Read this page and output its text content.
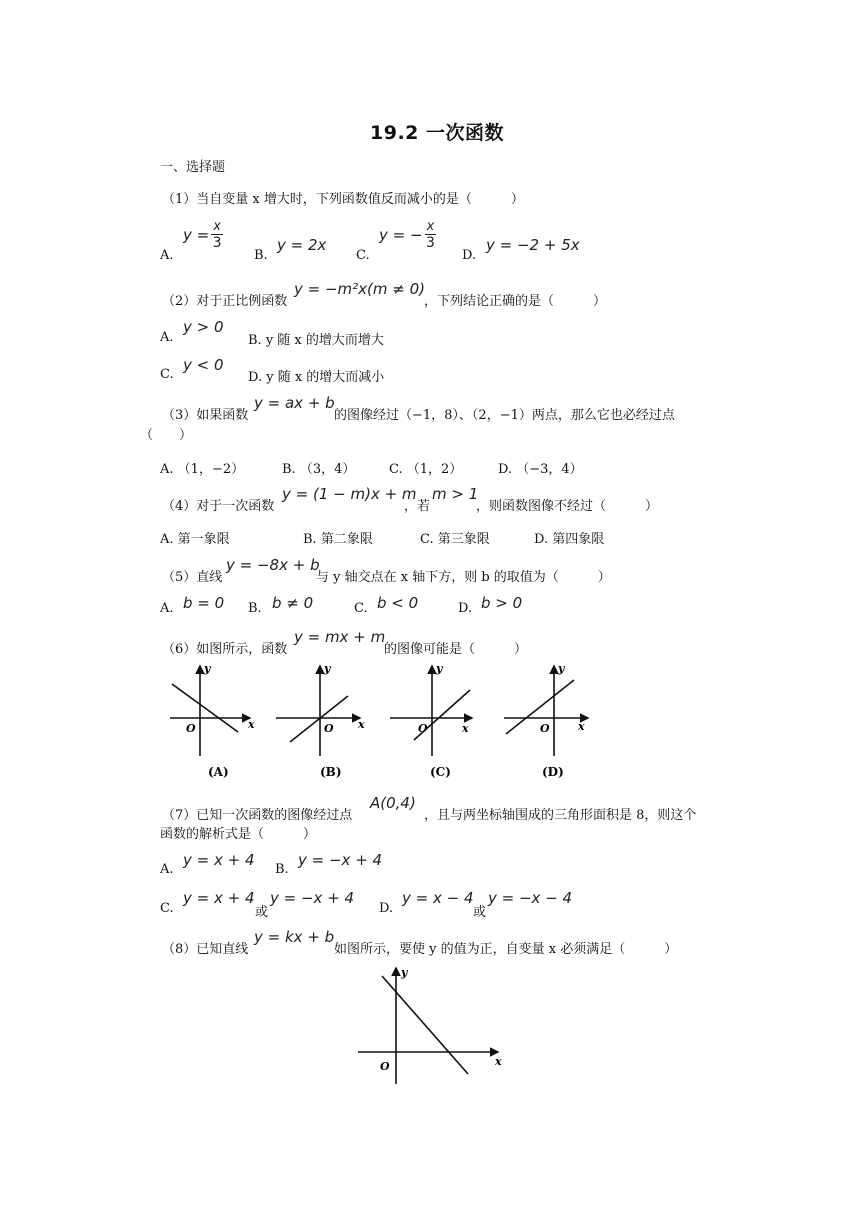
19.2 一次函数
一、选择题
（1）当自变量 x 增大时，下列函数值反而减小的是（　　　）
A.
$y = \frac{x}{3}$
B.
y = 2x
C.
y = − $\frac{x}{3}$
D.
y = −2 + 5x
（2）对于正比例函数
y = −m²x(m ≠ 0)
，下列结论正确的是（　　　）
A.
y > 0
B. y 随 x 的增大而增大
C.
y < 0
D. y 随 x 的增大而减小
（3）如果函数
y = ax + b
的图像经过（−1，8）、（2，−1）两点，那么它也必经过点
（　　）
A. （1，−2）	B. （3，4）	C. （1，2）	D. （−3，4）
（4）对于一次函数
y = (1 − m)x + m
，若
m > 1
，则函数图像不经过（　　　）
A. 第一象限	B. 第二象限	C. 第三象限	D. 第四象限
（5）直线
y = −8x + b
与 y 轴交点在 x 轴下方，则 b 的取值为（　　　）
A. b = 0 B. b ≠ 0	C. b < 0	D. b > 0
（6）如图所示，函数
y = mx + m
的图像可能是（　　　）
y
x
O
(A)
y
x
O
(B)
y
x
O
(C)
y
x
O
(D)
（7）已知一次函数的图像经过点
A(0,4)
，且与两坐标轴围成的三角形面积是 8，则这个
函数的解析式是（　　　）
A.
y = x + 4
B.
y = −x + 4
C.
y = x + 4
或
y = −x + 4
D.
y = x − 4
或
y = −x − 4
（8）已知直线
y = kx + b
如图所示，要使 y 的值为正，自变量 x 必须满足（　　　）
y
x
O
